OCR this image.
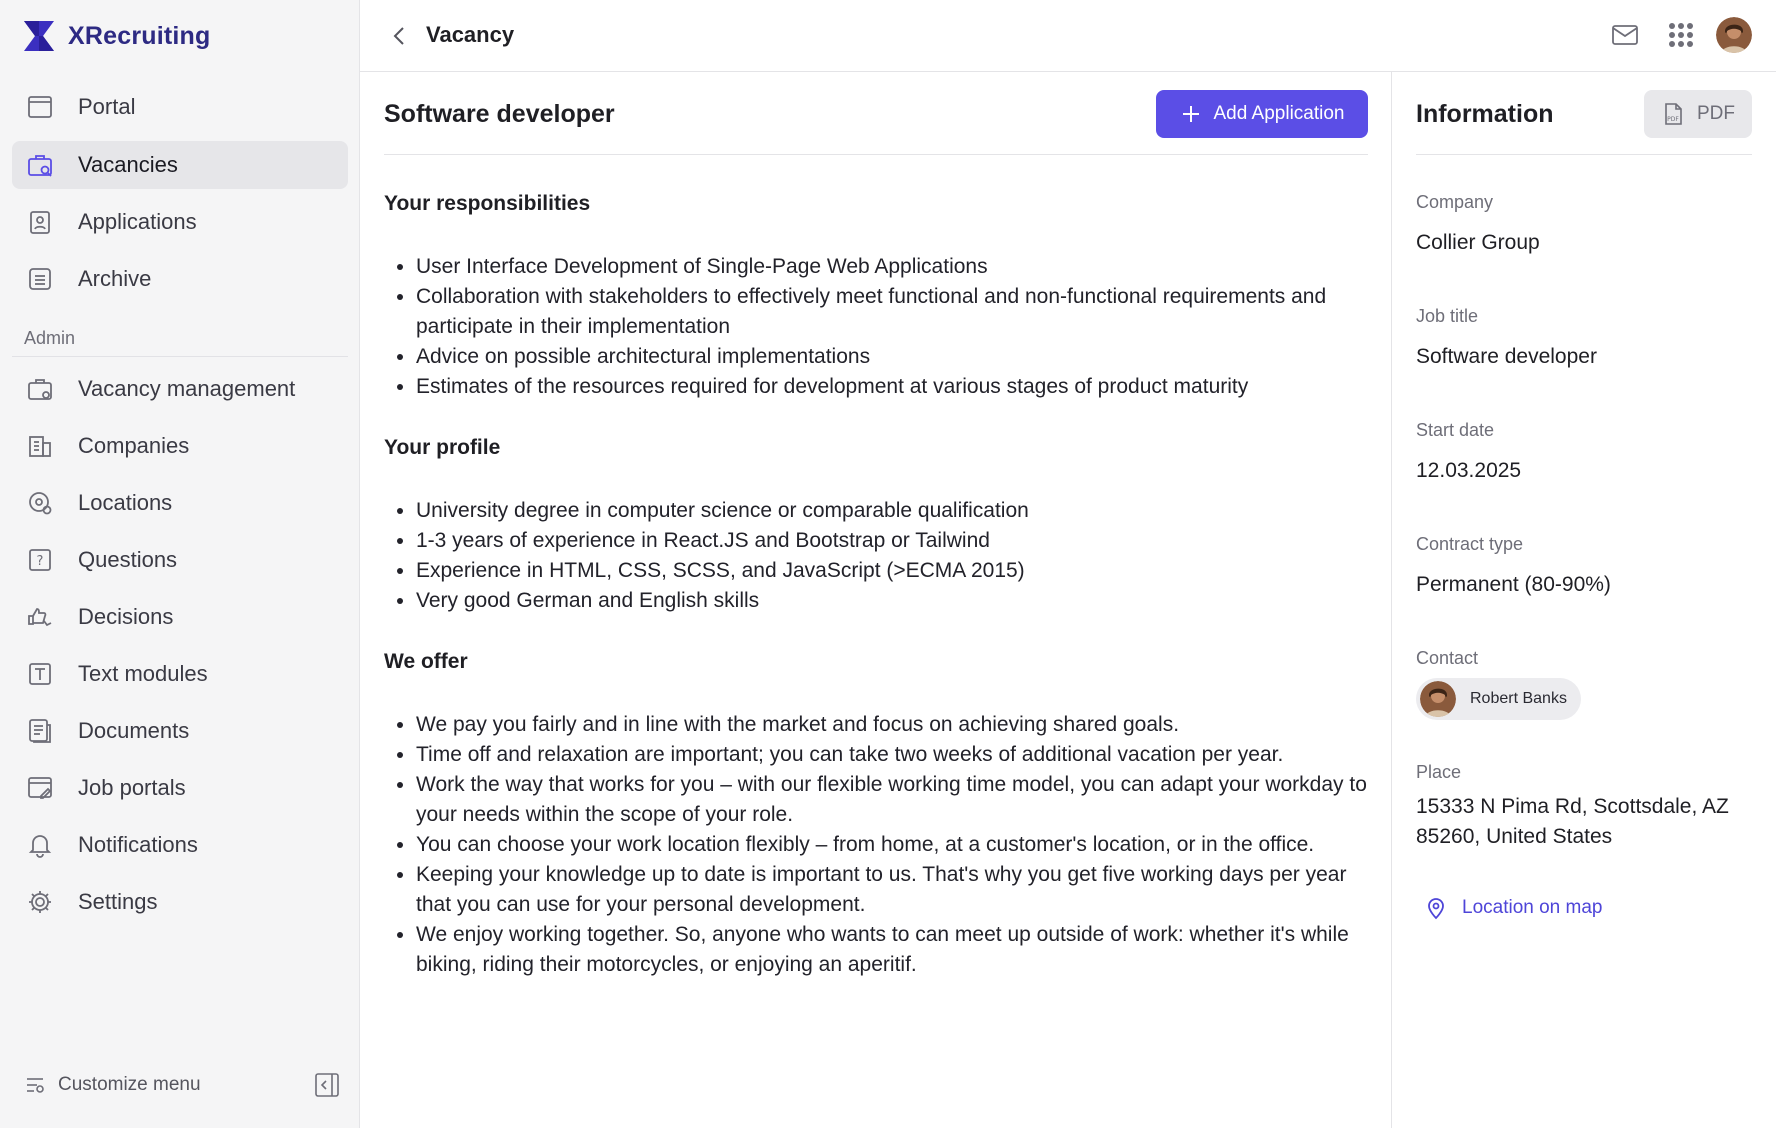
XRecruiting
Portal
Vacancies
Applications
Archive
Admin
Vacancy management
Companies
Locations
? Questions
Decisions
Text modules
Documents
Job portals
Notifications
Settings
Customize menu
Vacancy
Software developer	Add Application
Your responsibilities
• User Interface Development of Single-Page Web Applications
• Collaboration with stakeholders to effectively meet functional and non-functional requirements and participate in their implementation
• Advice on possible architectural implementations
• Estimates of the resources required for development at various stages of product maturity
Your profile
• University degree in computer science or comparable qualification
• 1-3 years of experience in React.JS and Bootstrap or Tailwind
• Experience in HTML, CSS, SCSS, and JavaScript (>ECMA 2015)
• Very good German and English skills
We offer
• We pay you fairly and in line with the market and focus on achieving shared goals.
• Time off and relaxation are important; you can take two weeks of additional vacation per year.
• Work the way that works for you – with our flexible working time model, you can adapt your workday to your needs within the scope of your role.
• You can choose your work location flexibly – from home, at a customer's location, or in the office.
• Keeping your knowledge up to date is important to us. That's why you get five working days per year that you can use for your personal development.
• We enjoy working together. So, anyone who wants to can meet up outside of work: whether it's while biking, riding their motorcycles, or enjoying an aperitif.
Information	PDF PDF
Company
Collier Group
Job title
Software developer
Start date
12.03.2025
Contract type
Permanent (80-90%)
Contact
Robert Banks
Place
15333 N Pima Rd, Scottsdale, AZ 85260, United States
Location on map
